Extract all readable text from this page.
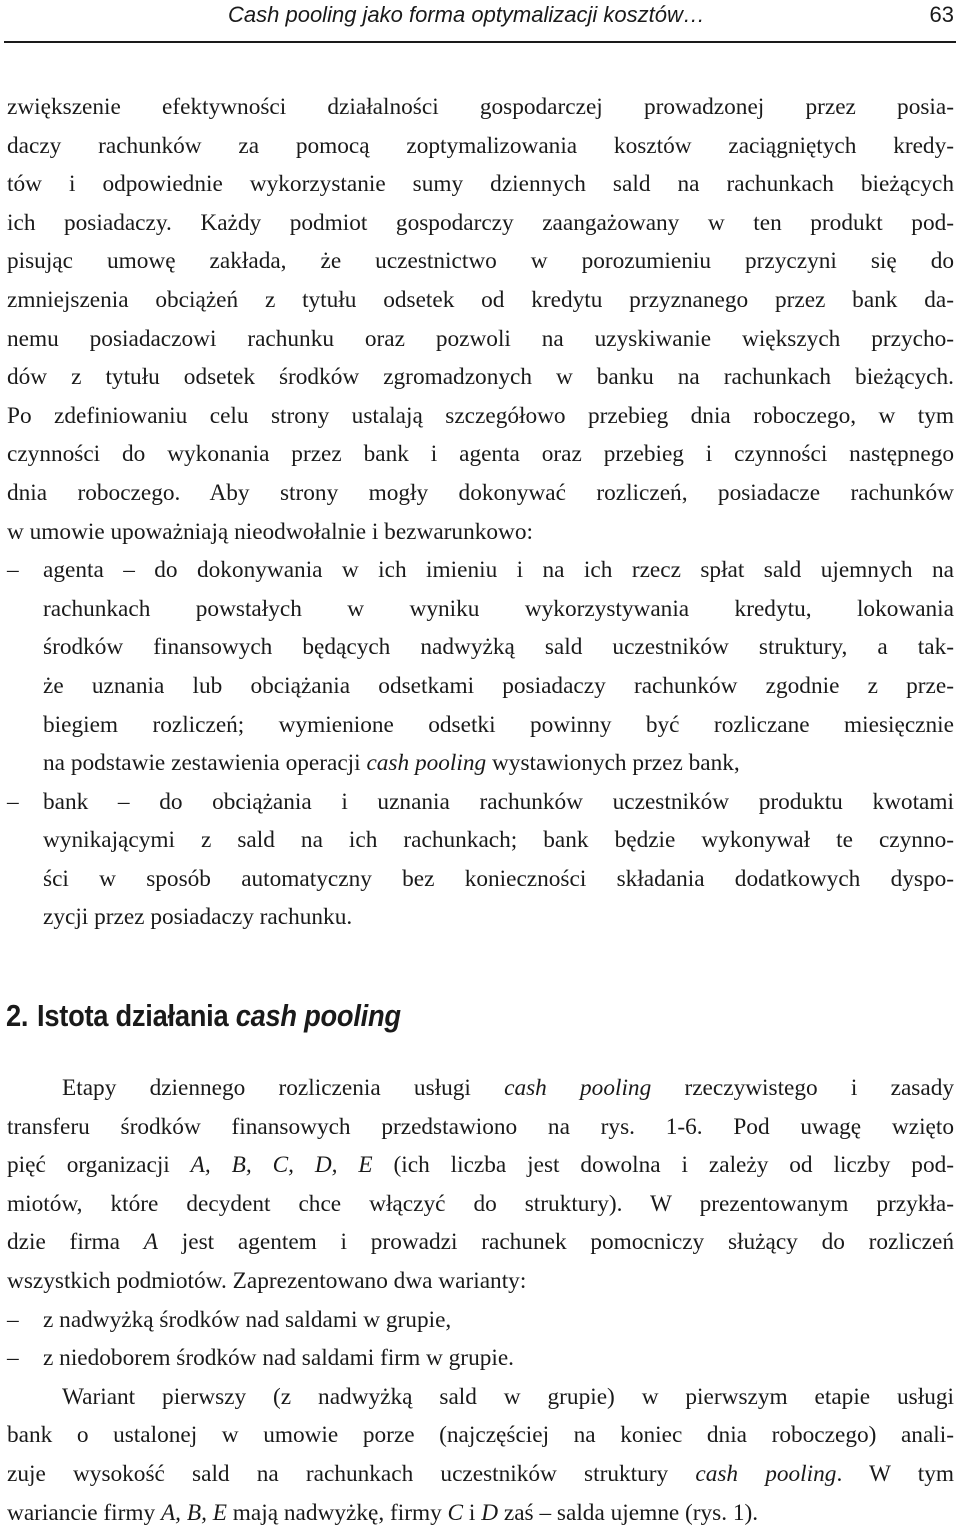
Cash pooling jako forma optymalizacji kosztów…	63
zwiększenie efektywności działalności gospodarczej prowadzonej przez posia-
daczy rachunków za pomocą zoptymalizowania kosztów zaciągniętych kredy-
tów i odpowiednie wykorzystanie sumy dziennych sald na rachunkach bieżących
ich posiadaczy. Każdy podmiot gospodarczy zaangażowany w ten produkt pod-
pisując umowę zakłada, że uczestnictwo w porozumieniu przyczyni się do
zmniejszenia obciążeń z tytułu odsetek od kredytu przyznanego przez bank da-
nemu posiadaczowi rachunku oraz pozwoli na uzyskiwanie większych przycho-
dów z tytułu odsetek środków zgromadzonych w banku na rachunkach bieżących.
Po zdefiniowaniu celu strony ustalają szczegółowo przebieg dnia roboczego, w tym
czynności do wykonania przez bank i agenta oraz przebieg i czynności następnego
dnia roboczego. Aby strony mogły dokonywać rozliczeń, posiadacze rachunków
w umowie upoważniają nieodwołalnie i bezwarunkowo:
–	agenta – do dokonywania w ich imieniu i na ich rzecz spłat sald ujemnych na
rachunkach powstałych w wyniku wykorzystywania kredytu, lokowania
środków finansowych będących nadwyżką sald uczestników struktury, a tak-
że uznania lub obciążania odsetkami posiadaczy rachunków zgodnie z prze-
biegiem rozliczeń; wymienione odsetki powinny być rozliczane miesięcznie
na podstawie zestawienia operacji cash pooling wystawionych przez bank,
–	bank – do obciążania i uznania rachunków uczestników produktu kwotami
wynikającymi z sald na ich rachunkach; bank będzie wykonywał te czynno-
ści w sposób automatyczny bez konieczności składania dodatkowych dyspo-
zycji przez posiadaczy rachunku.
2. Istota działania cash pooling
Etapy dziennego rozliczenia usługi cash pooling rzeczywistego i zasady
transferu środków finansowych przedstawiono na rys. 1-6. Pod uwagę wzięto
pięć organizacji A, B, C, D, E (ich liczba jest dowolna i zależy od liczby pod-
miotów, które decydent chce włączyć do struktury). W prezentowanym przykła-
dzie firma A jest agentem i prowadzi rachunek pomocniczy służący do rozliczeń
wszystkich podmiotów. Zaprezentowano dwa warianty:
–	z nadwyżką środków nad saldami w grupie,
–	z niedoborem środków nad saldami firm w grupie.
Wariant pierwszy (z nadwyżką sald w grupie) w pierwszym etapie usługi
bank o ustalonej w umowie porze (najczęściej na koniec dnia roboczego) anali-
zuje wysokość sald na rachunkach uczestników struktury cash pooling. W tym
wariancie firmy A, B, E mają nadwyżkę, firmy C i D zaś – salda ujemne (rys. 1).
